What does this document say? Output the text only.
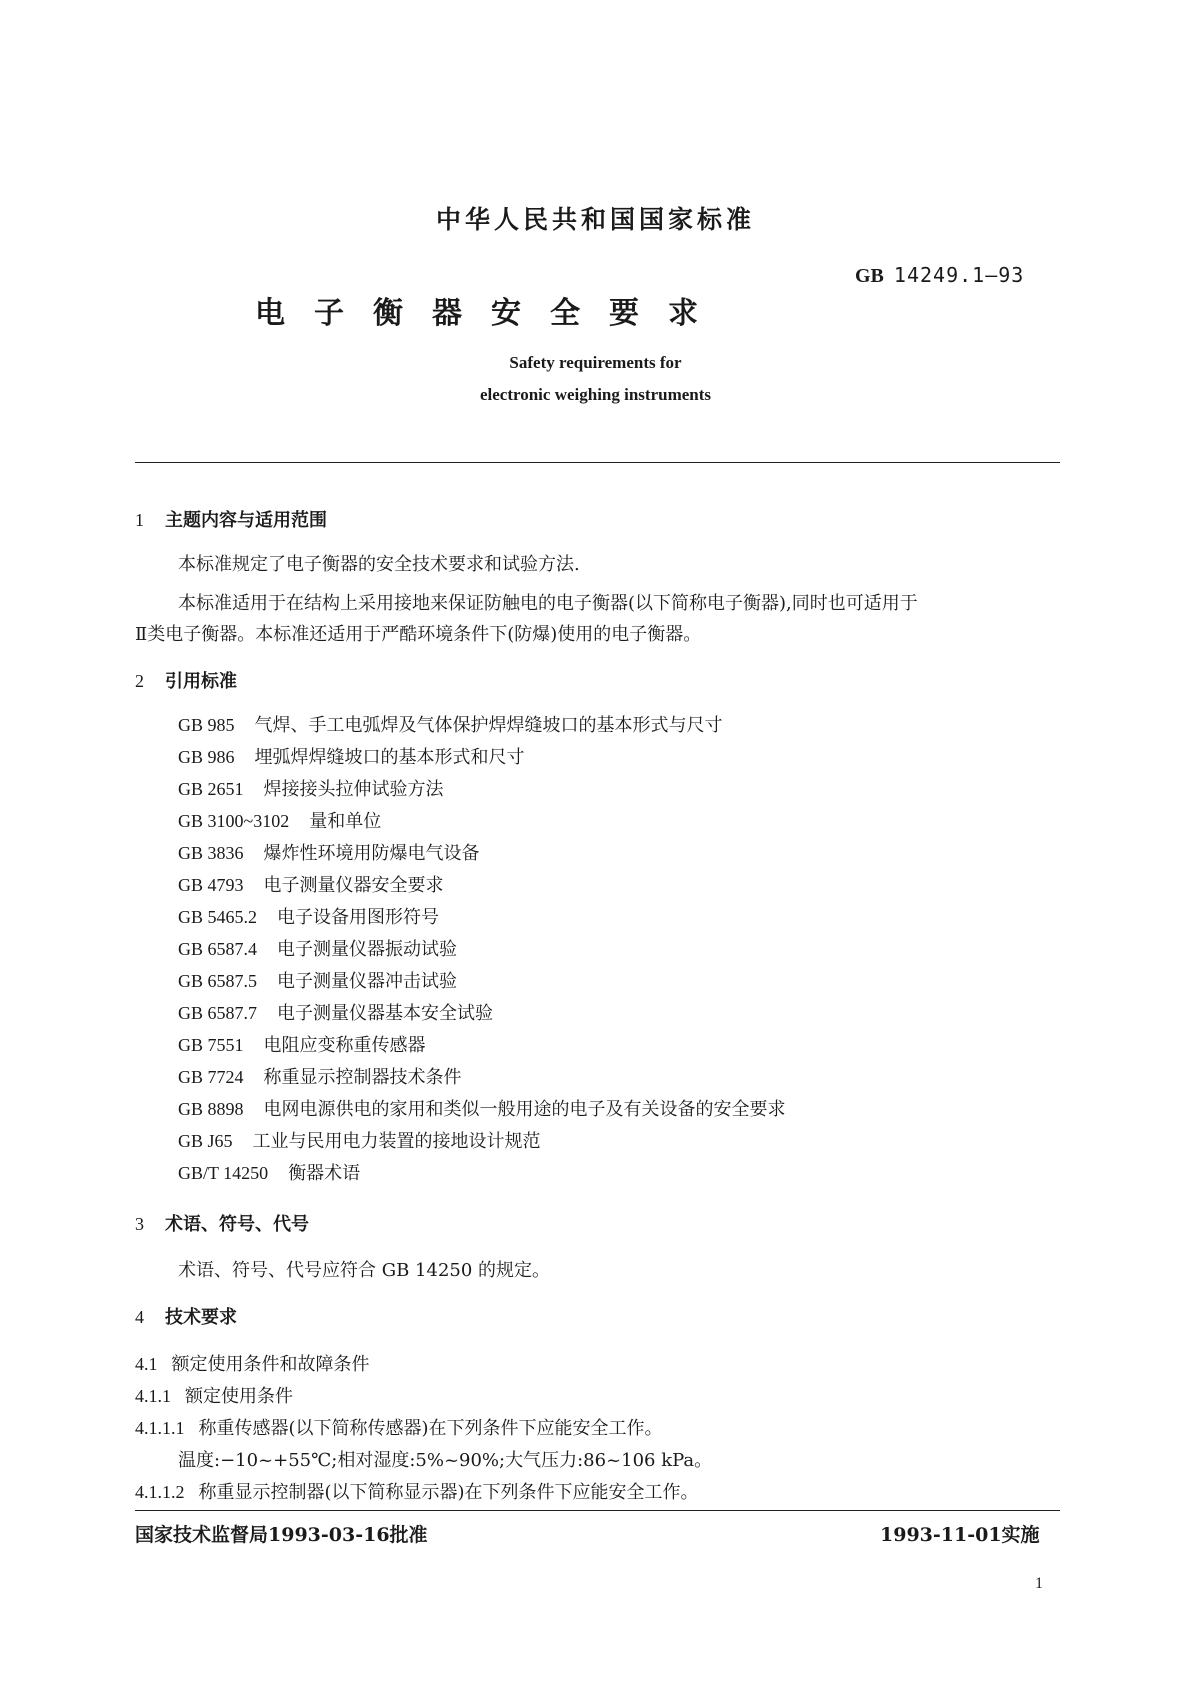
中华人民共和国国家标准
GB 14249.1—93
电子衡器安全要求
Safety requirements for
electronic weighing instruments
1 主题内容与适用范围
本标准规定了电子衡器的安全技术要求和试验方法.
本标准适用于在结构上采用接地来保证防触电的电子衡器(以下简称电子衡器),同时也可适用于
Ⅱ类电子衡器。本标准还适用于严酷环境条件下(防爆)使用的电子衡器。
2 引用标准
GB 985 气焊、手工电弧焊及气体保护焊焊缝坡口的基本形式与尺寸
GB 986 埋弧焊焊缝坡口的基本形式和尺寸
GB 2651 焊接接头拉伸试验方法
GB 3100~3102 量和单位
GB 3836 爆炸性环境用防爆电气设备
GB 4793 电子测量仪器安全要求
GB 5465.2 电子设备用图形符号
GB 6587.4 电子测量仪器振动试验
GB 6587.5 电子测量仪器冲击试验
GB 6587.7 电子测量仪器基本安全试验
GB 7551 电阻应变称重传感器
GB 7724 称重显示控制器技术条件
GB 8898 电网电源供电的家用和类似一般用途的电子及有关设备的安全要求
GB J65 工业与民用电力装置的接地设计规范
GB/T 14250 衡器术语
3 术语、符号、代号
术语、符号、代号应符合 GB 14250 的规定。
4 技术要求
4.1 额定使用条件和故障条件
4.1.1 额定使用条件
4.1.1.1 称重传感器(以下简称传感器)在下列条件下应能安全工作。
温度:−10~+55℃;相对湿度:5%~90%;大气压力:86~106 kPa。
4.1.1.2 称重显示控制器(以下简称显示器)在下列条件下应能安全工作。
国家技术监督局1993-03-16批准	1993-11-01实施
1
